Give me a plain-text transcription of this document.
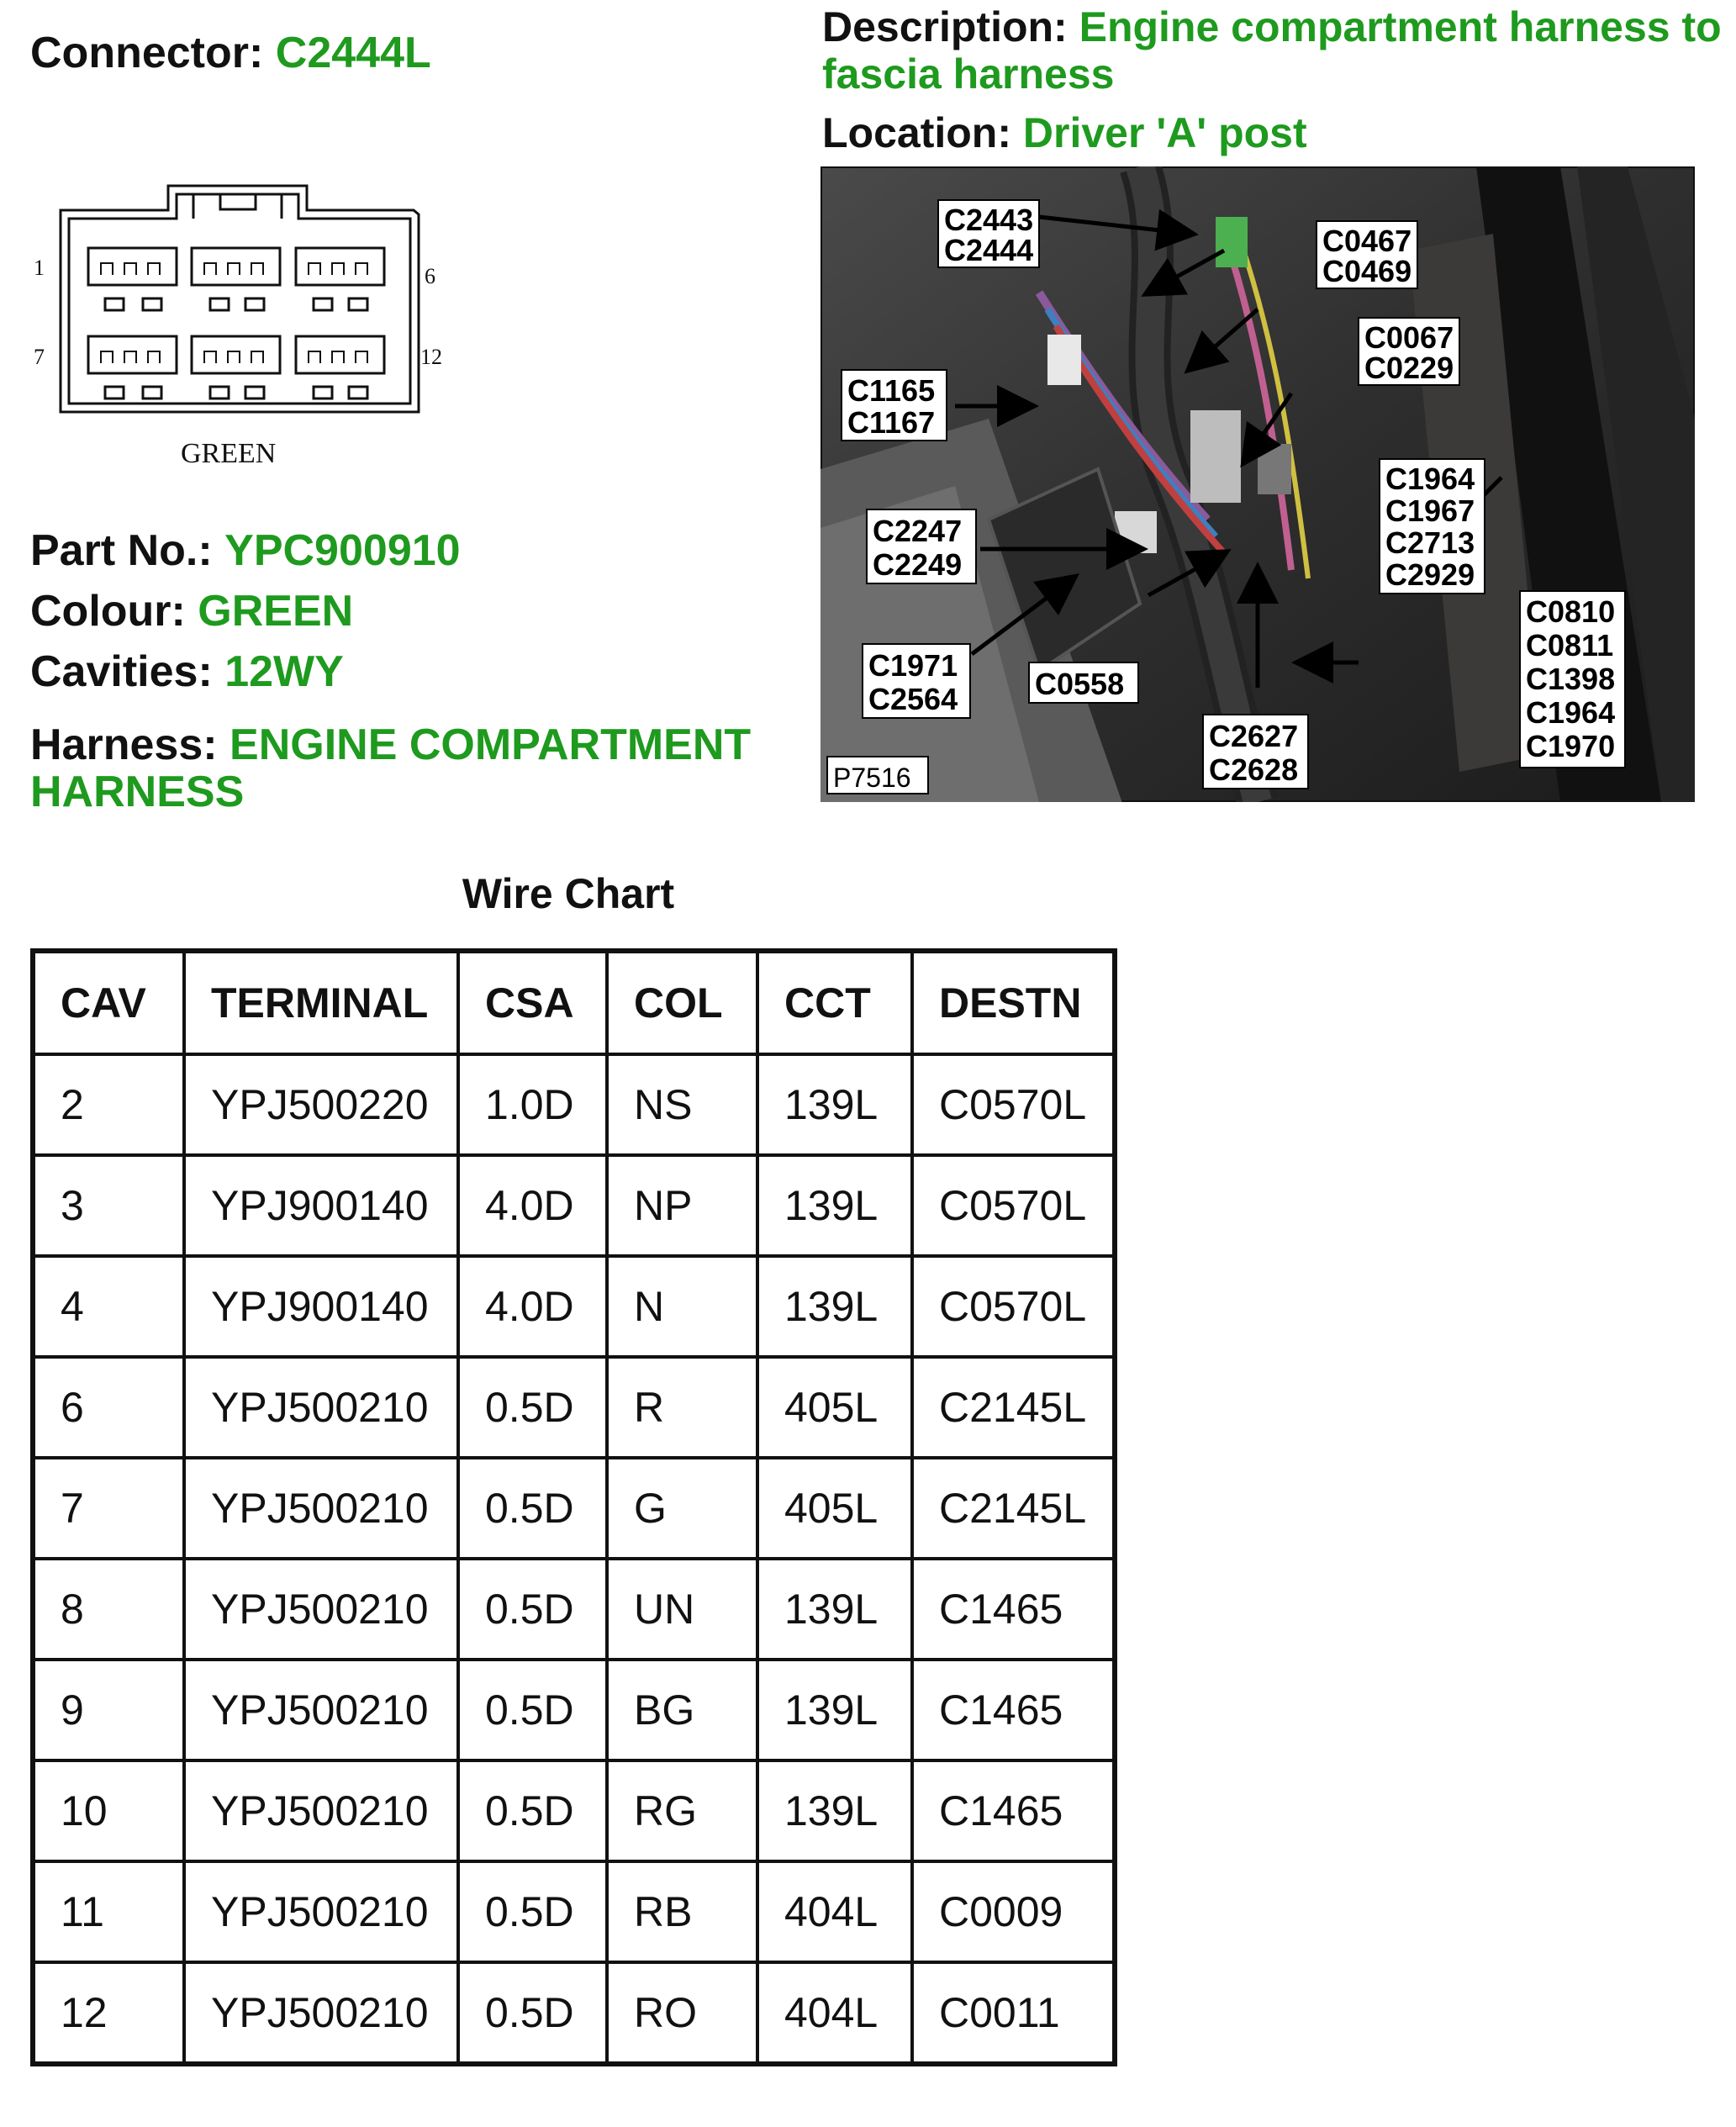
Connector: C2444L
Description: Engine compartment harness to fascia harness
Location: Driver 'A' post
1	6
7	12
GREEN
Part No.: YPC900910
Colour: GREEN
Cavities: 12WY
Harness: ENGINE COMPARTMENT HARNESS
C2443
C2444	C0467
C0469
C0067
C0229
C1165
C1167
C1964
C1967
C2713
C2929
C2247
C2249
C0810
C0811
C1398
C1964
C1970
C1971
C2564	C0558
C2627
C2628
P7516
Wire Chart
CAV	TERMINAL	CSA	COL	CCT	DESTN
2	YPJ500220	1.0D	NS	139L	C0570L
3	YPJ900140	4.0D	NP	139L	C0570L
4	YPJ900140	4.0D	N	139L	C0570L
6	YPJ500210	0.5D	R	405L	C2145L
7	YPJ500210	0.5D	G	405L	C2145L
8	YPJ500210	0.5D	UN	139L	C1465
9	YPJ500210	0.5D	BG	139L	C1465
10	YPJ500210	0.5D	RG	139L	C1465
11	YPJ500210	0.5D	RB	404L	C0009
12	YPJ500210	0.5D	RO	404L	C0011
